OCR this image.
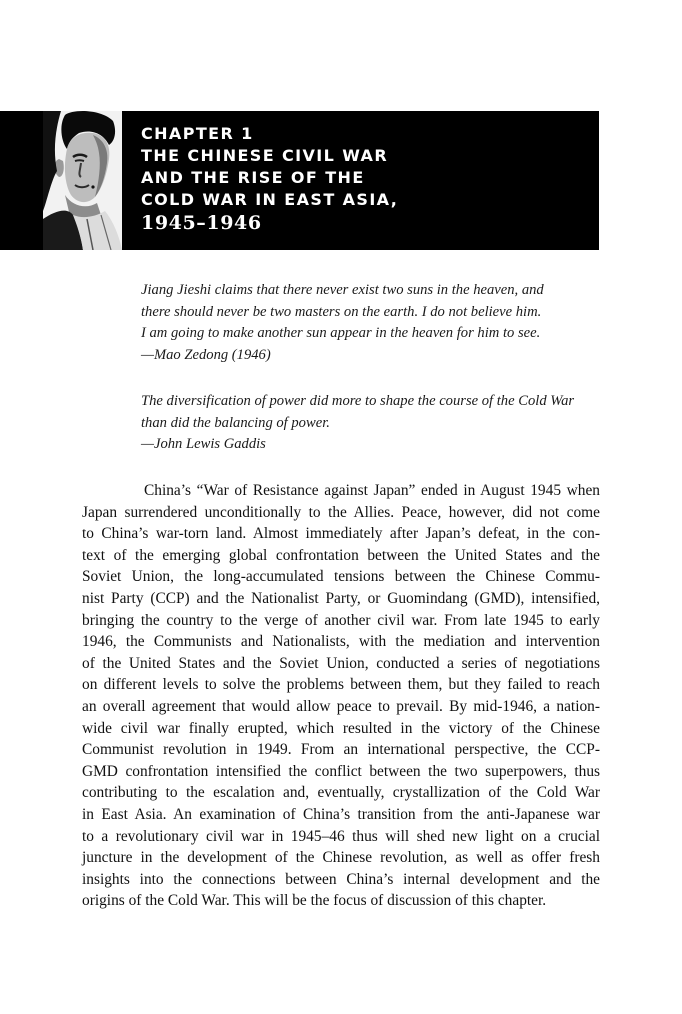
CHAPTER 1
THE CHINESE CIVIL WAR
AND THE RISE OF THE
COLD WAR IN EAST ASIA,
1945–1946
Jiang Jieshi claims that there never exist two suns in the heaven, and
there should never be two masters on the earth. I do not believe him.
I am going to make another sun appear in the heaven for him to see.
—Mao Zedong (1946)
The diversification of power did more to shape the course of the Cold War
than did the balancing of power.
—John Lewis Gaddis
China’s “War of Resistance against Japan” ended in August 1945 when
Japan surrendered unconditionally to the Allies. Peace, however, did not come
to China’s war-torn land. Almost immediately after Japan’s defeat, in the con-
text of the emerging global confrontation between the United States and the
Soviet Union, the long-accumulated tensions between the Chinese Commu-
nist Party (CCP) and the Nationalist Party, or Guomindang (GMD), intensified,
bringing the country to the verge of another civil war. From late 1945 to early
1946, the Communists and Nationalists, with the mediation and intervention
of the United States and the Soviet Union, conducted a series of negotiations
on different levels to solve the problems between them, but they failed to reach
an overall agreement that would allow peace to prevail. By mid-1946, a nation-
wide civil war finally erupted, which resulted in the victory of the Chinese
Communist revolution in 1949. From an international perspective, the CCP-
GMD confrontation intensified the conflict between the two superpowers, thus
contributing to the escalation and, eventually, crystallization of the Cold War
in East Asia. An examination of China’s transition from the anti-Japanese war
to a revolutionary civil war in 1945–46 thus will shed new light on a crucial
juncture in the development of the Chinese revolution, as well as offer fresh
insights into the connections between China’s internal development and the
origins of the Cold War. This will be the focus of discussion of this chapter.
